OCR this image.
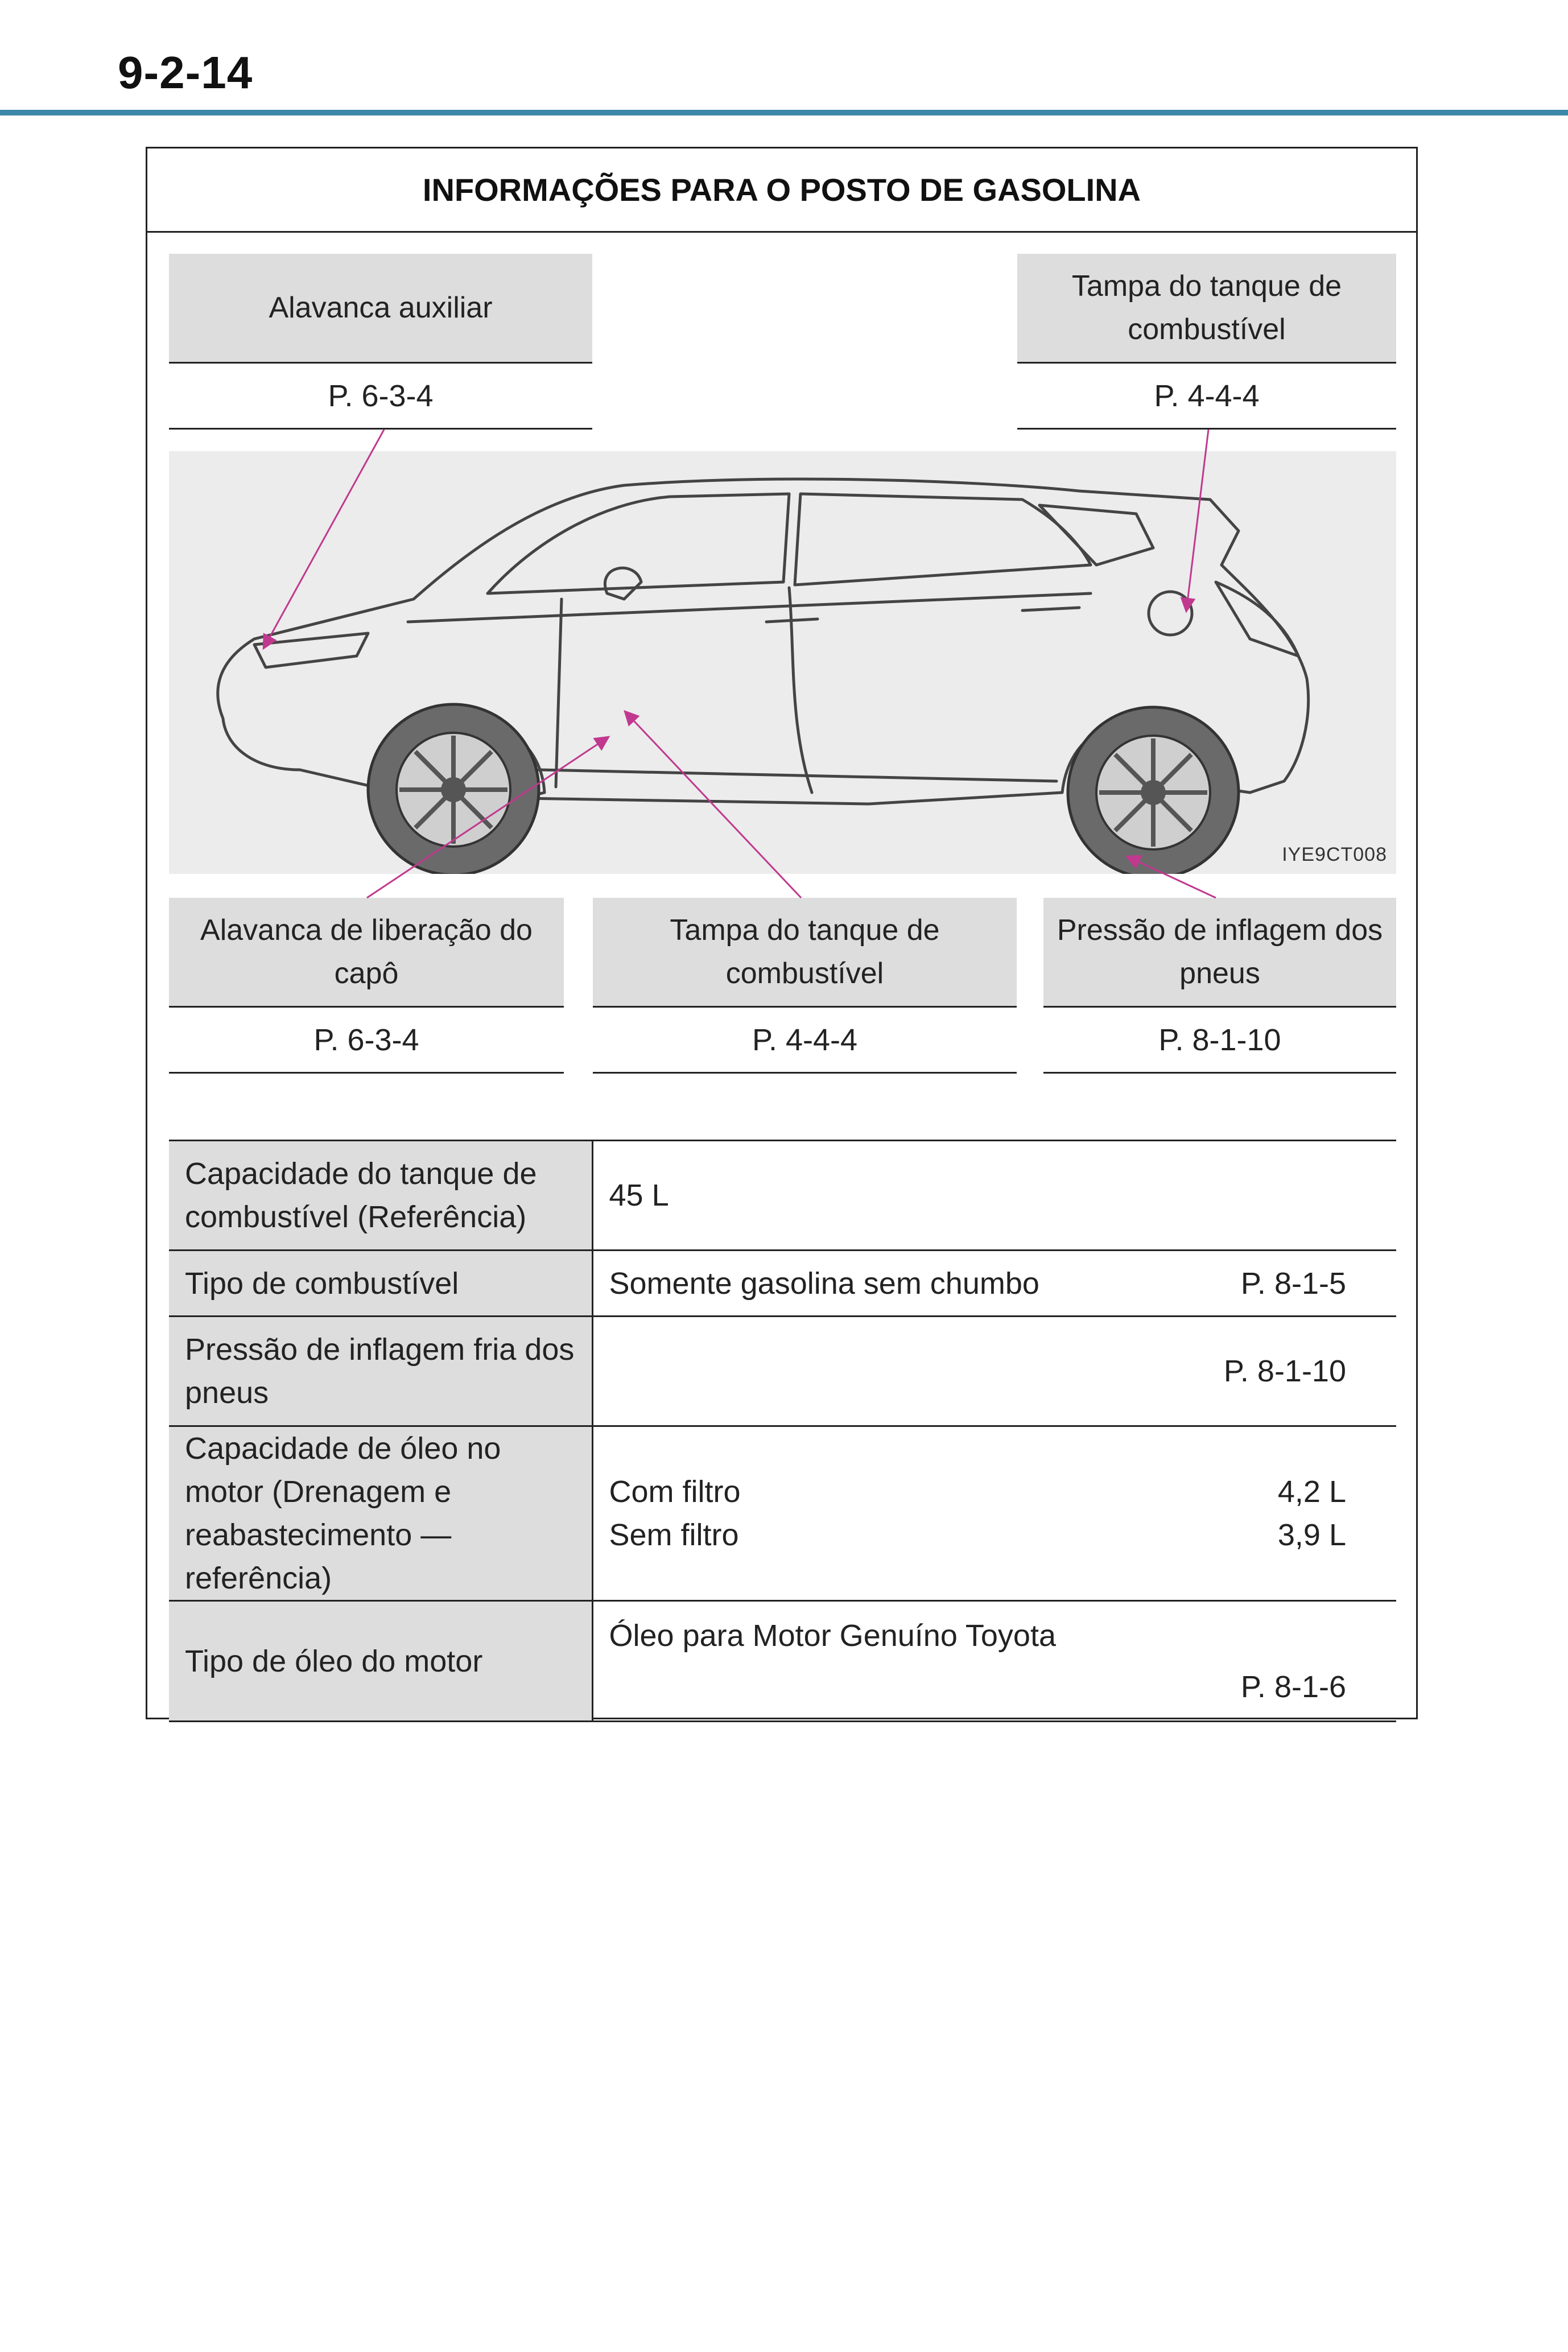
9-2-14
INFORMAÇÕES PARA O POSTO DE GASOLINA
Alavanca auxiliar
P. 6-3-4
Tampa do tanque de combustível
P. 4-4-4
IYE9CT008
Alavanca de liberação do capô
P. 6-3-4
Tampa do tanque de combustível
P. 4-4-4
Pressão de inflagem dos pneus
P. 8-1-10
Capacidade do tanque de combustível (Referência)	45 L
Tipo de combustível	Somente gasolina sem chumbo P. 8-1-5

Pressão de inflagem fria dos pneus	P. 8-1-10

Capacidade de óleo no motor (Drenagem e reabastecimento — referência)	Com filtro 4,2 L
Sem filtro 3,9 L

Tipo de óleo do motor	Óleo para Motor Genuíno Toyota
P. 8-1-6
